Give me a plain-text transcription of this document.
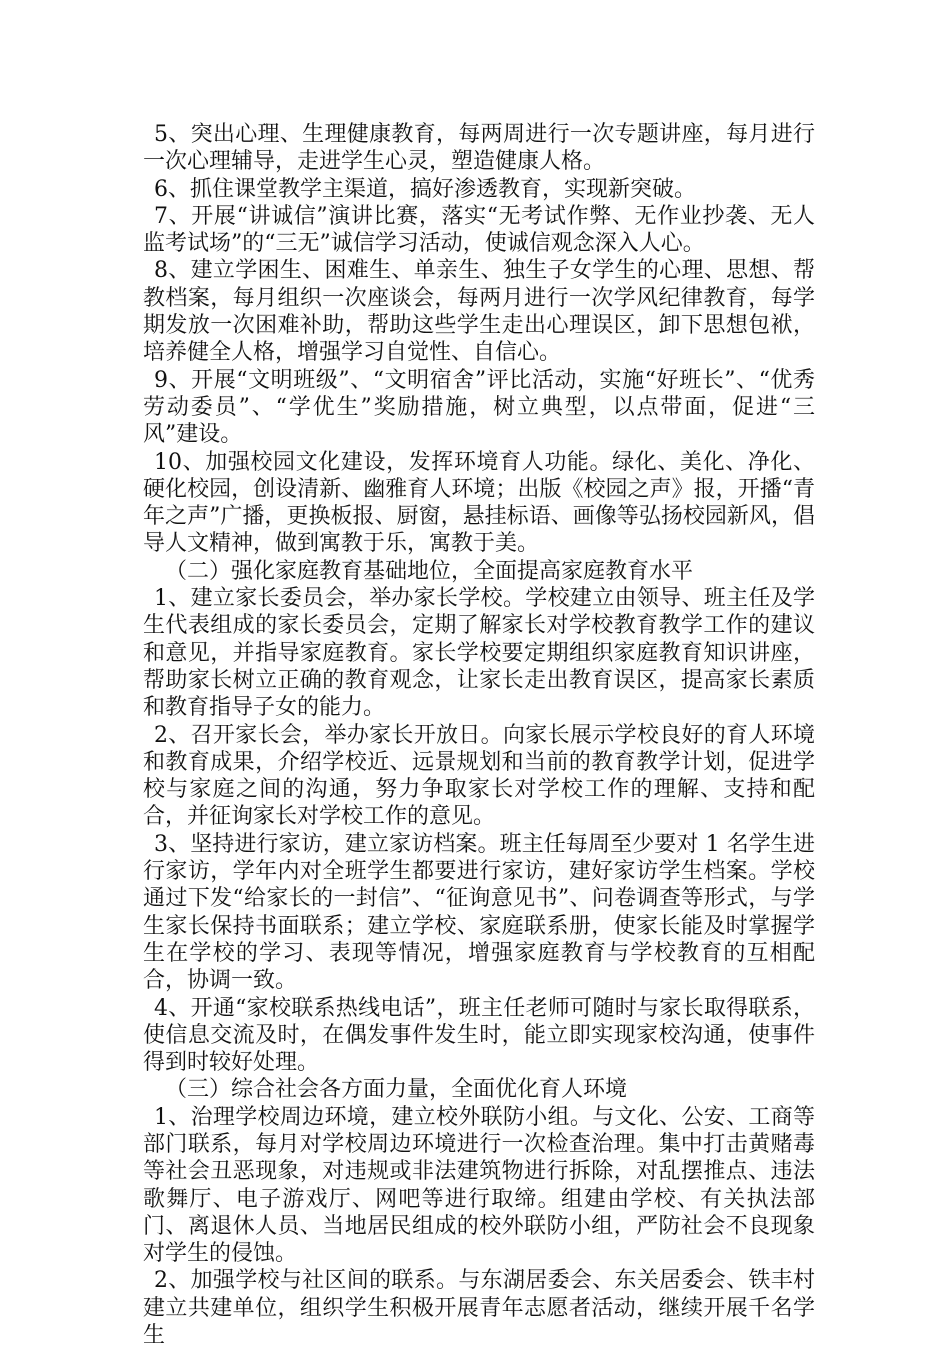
5、突出心理、生理健康教育，每两周进行一次专题讲座，每月进行一次心理辅导，走进学生心灵，塑造健康人格。

6、抓住课堂教学主渠道，搞好渗透教育，实现新突破。

7、开展“讲诚信”演讲比赛，落实“无考试作弊、无作业抄袭、无人监考试场”的“三无”诚信学习活动，使诚信观念深入人心。

8、建立学困生、困难生、单亲生、独生子女学生的心理、思想、帮教档案，每月组织一次座谈会，每两月进行一次学风纪律教育，每学期发放一次困难补助，帮助这些学生走出心理误区，卸下思想包袱，培养健全人格，增强学习自觉性、自信心。

9、开展“文明班级”、“文明宿舍”评比活动，实施“好班长”、“优秀劳动委员”、“学优生”奖励措施，树立典型，以点带面，促进“三风”建设。

10、加强校园文化建设，发挥环境育人功能。绿化、美化、净化、硬化校园，创设清新、幽雅育人环境；出版《校园之声》报，开播“青年之声”广播，更换板报、厨窗，悬挂标语、画像等弘扬校园新风，倡导人文精神，做到寓教于乐，寓教于美。

（二）强化家庭教育基础地位，全面提高家庭教育水平

1、建立家长委员会，举办家长学校。学校建立由领导、班主任及学生代表组成的家长委员会，定期了解家长对学校教育教学工作的建议和意见，并指导家庭教育。家长学校要定期组织家庭教育知识讲座，帮助家长树立正确的教育观念，让家长走出教育误区，提高家长素质和教育指导子女的能力。

2、召开家长会，举办家长开放日。向家长展示学校良好的育人环境和教育成果，介绍学校近、远景规划和当前的教育教学计划，促进学校与家庭之间的沟通，努力争取家长对学校工作的理解、支持和配合，并征询家长对学校工作的意见。

3、坚持进行家访，建立家访档案。班主任每周至少要对 1 名学生进行家访，学年内对全班学生都要进行家访，建好家访学生档案。学校通过下发“给家长的一封信”、“征询意见书”、问卷调查等形式，与学生家长保持书面联系；建立学校、家庭联系册，使家长能及时掌握学生在学校的学习、表现等情况，增强家庭教育与学校教育的互相配合，协调一致。

4、开通“家校联系热线电话”，班主任老师可随时与家长取得联系，使信息交流及时，在偶发事件发生时，能立即实现家校沟通，使事件得到时较好处理。

（三）综合社会各方面力量，全面优化育人环境

1、治理学校周边环境，建立校外联防小组。与文化、公安、工商等部门联系，每月对学校周边环境进行一次检查治理。集中打击黄赌毒等社会丑恶现象，对违规或非法建筑物进行拆除，对乱摆推点、违法歌舞厅、电子游戏厅、网吧等进行取缔。组建由学校、有关执法部门、离退休人员、当地居民组成的校外联防小组，严防社会不良现象对学生的侵蚀。

2、加强学校与社区间的联系。与东湖居委会、东关居委会、铁丰村建立共建单位，组织学生积极开展青年志愿者活动，继续开展千名学生
